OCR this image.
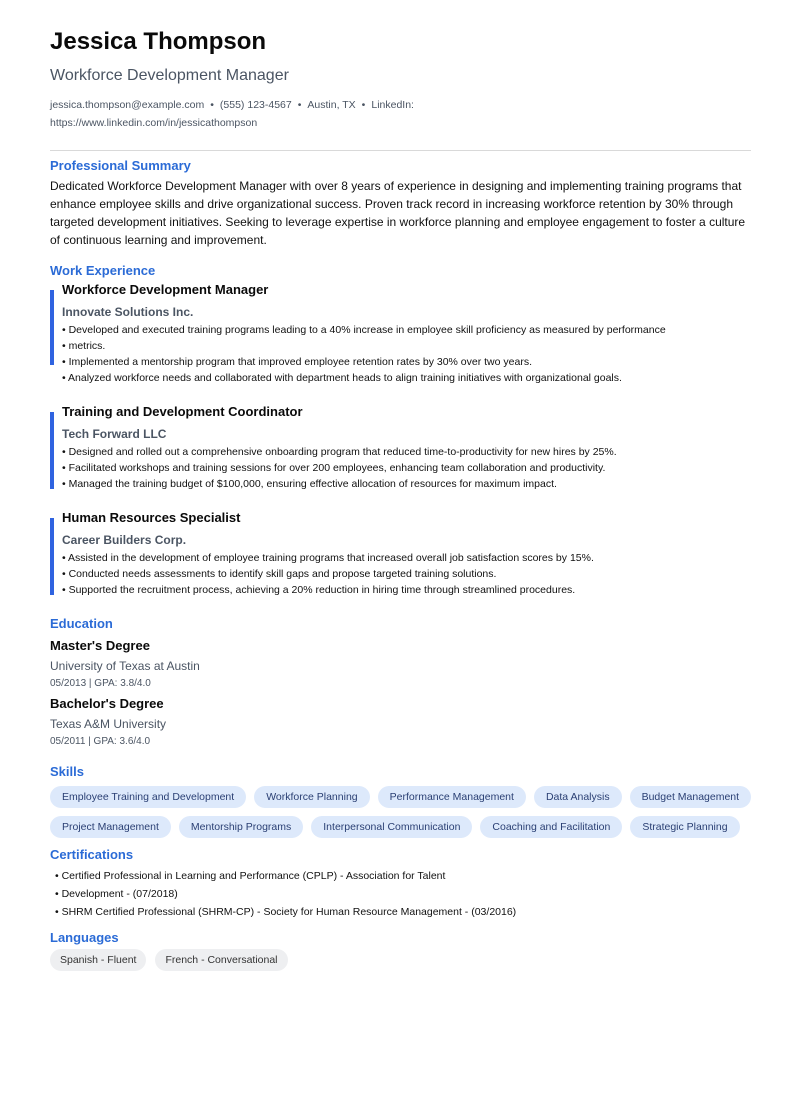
Jessica Thompson
Workforce Development Manager
jessica.thompson@example.com • (555) 123-4567 • Austin, TX • LinkedIn:
https://www.linkedin.com/in/jessicathompson
Professional Summary
Dedicated Workforce Development Manager with over 8 years of experience in designing and implementing training programs that enhance employee skills and drive organizational success. Proven track record in increasing workforce retention by 30% through targeted development initiatives. Seeking to leverage expertise in workforce planning and employee engagement to foster a culture of continuous learning and improvement.
Work Experience
Workforce Development Manager
Innovate Solutions Inc.
• Developed and executed training programs leading to a 40% increase in employee skill proficiency as measured by performance
• metrics.
• Implemented a mentorship program that improved employee retention rates by 30% over two years.
• Analyzed workforce needs and collaborated with department heads to align training initiatives with organizational goals.
Training and Development Coordinator
Tech Forward LLC
• Designed and rolled out a comprehensive onboarding program that reduced time-to-productivity for new hires by 25%.
• Facilitated workshops and training sessions for over 200 employees, enhancing team collaboration and productivity.
• Managed the training budget of $100,000, ensuring effective allocation of resources for maximum impact.
Human Resources Specialist
Career Builders Corp.
• Assisted in the development of employee training programs that increased overall job satisfaction scores by 15%.
• Conducted needs assessments to identify skill gaps and propose targeted training solutions.
• Supported the recruitment process, achieving a 20% reduction in hiring time through streamlined procedures.
Education
Master's Degree
University of Texas at Austin
05/2013 | GPA: 3.8/4.0
Bachelor's Degree
Texas A&M University
05/2011 | GPA: 3.6/4.0
Skills
Employee Training and Development	Workforce Planning	Performance Management	Data Analysis	Budget Management
Project Management	Mentorship Programs	Interpersonal Communication	Coaching and Facilitation	Strategic Planning
Certifications
• Certified Professional in Learning and Performance (CPLP) - Association for Talent
• Development - (07/2018)
• SHRM Certified Professional (SHRM-CP) - Society for Human Resource Management - (03/2016)
Languages
Spanish - Fluent	French - Conversational
